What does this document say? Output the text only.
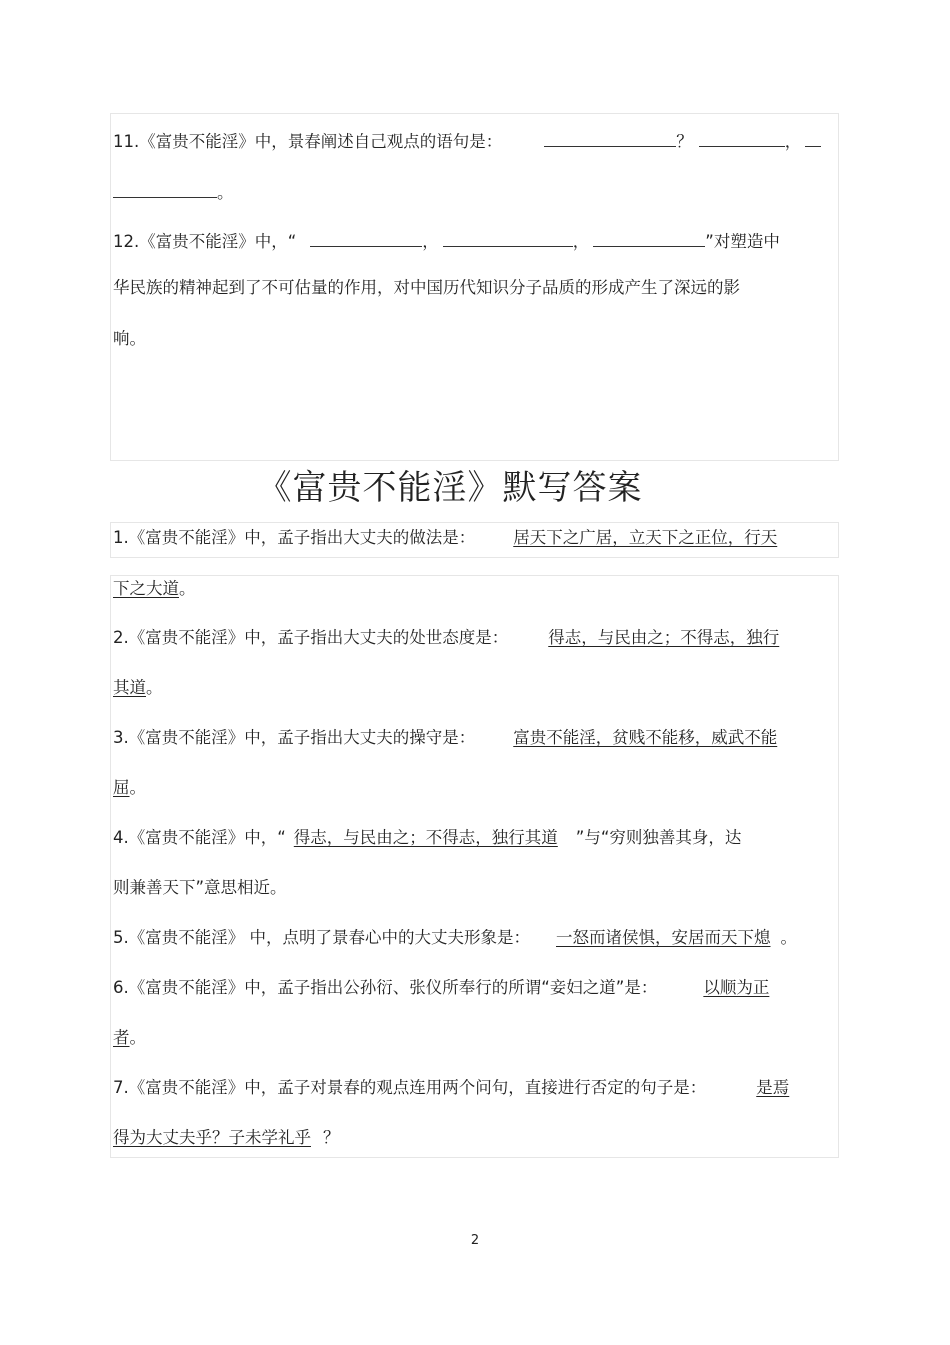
11.《富贵不能淫》中，景春阐述自己观点的语句是：	？	，
。
12.《富贵不能淫》中，“	，	，	”对塑造中
华民族的精神起到了不可估量的作用，对中国历代知识分子品质的形成产生了深远的影
响。
《富贵不能淫》默写答案
1.《富贵不能淫》中，孟子指出大丈夫的做法是： 居天下之广居，立天下之正位，行天
下之大道。
2.《富贵不能淫》中，孟子指出大丈夫的处世态度是： 得志，与民由之；不得志，独行
其道。
3.《富贵不能淫》中，孟子指出大丈夫的操守是： 富贵不能淫，贫贱不能移，威武不能
屈。
4.《富贵不能淫》中，“ 得志，与民由之；不得志，独行其道 ”与“穷则独善其身，达
则兼善天下”意思相近。
5.《富贵不能淫》 中，点明了景春心中的大丈夫形象是： 一怒而诸侯惧，安居而天下熄 。
6.《富贵不能淫》中，孟子指出公孙衍、张仪所奉行的所谓“妾妇之道”是：	以顺为正
者。
7.《富贵不能淫》中，孟子对景春的观点连用两个问句，直接进行否定的句子是：	是焉
得为大丈夫乎？子未学礼乎 ？
2
